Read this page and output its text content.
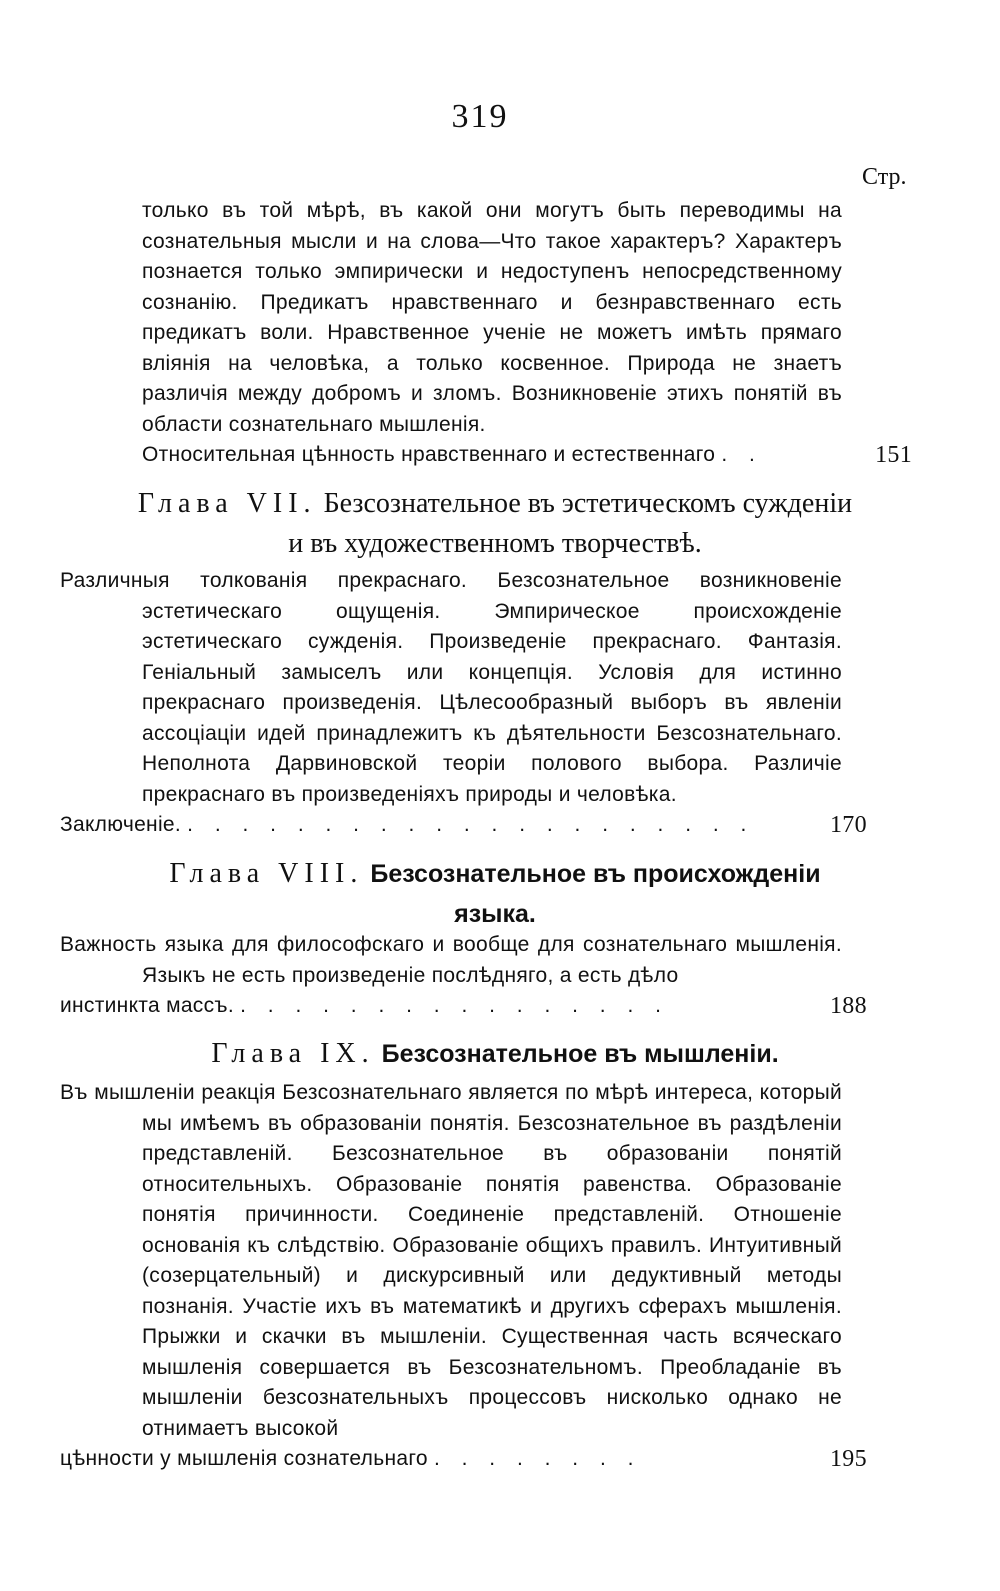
319
Стр.
только въ той мѣрѣ, въ какой они могутъ быть переводимы на сознательныя мысли и на слова—Что такое характеръ? Характеръ познается только эмпирически и недоступенъ непосредственному сознанію. Предикатъ нравственнаго и безнравственнаго есть предикатъ воли. Нравственное ученіе не можетъ имѣть прямаго вліянія на человѣка, а только косвенное. Природа не знаетъ различія между добромъ и зломъ. Возникновеніе этихъ понятій въ области сознательнаго мышленія.
Относительная цѣнность нравственнаго и естественнаго . .	151
Глава VII. Безсознательное въ эстетическомъ сужденіи и въ художественномъ творчествѣ.
Различныя толкованія прекраснаго. Безсознательное возникновеніе эстетическаго ощущенія. Эмпирическое происхожденіе эстетическаго сужденія. Произведеніе прекраснаго. Фантазія. Геніальный замыселъ или концепція. Условія для истинно прекраснаго произведенія. Цѣлесообразный выборъ въ явленіи ассоціаціи идей принадлежитъ къ дѣятельности Безсознательнаго. Неполнота Дарвиновской теоріи полового выбора. Различіе прекраснаго въ произведеніяхъ природы и человѣка.
Заключеніе. . . . . . . . . . . . . . . . . . . . . .	170
Глава VIII. Безсознательное въ происхожденіи языка.
Важность языка для философскаго и вообще для сознательнаго мышленія. Языкъ не есть произведеніе послѣдняго, а есть дѣло
инстинкта массъ. . . . . . . . . . . . . . . . .	188
Глава IX. Безсознательное въ мышленіи.
Въ мышленіи реакція Безсознательнаго является по мѣрѣ интереса, который мы имѣемъ въ образованіи понятія. Безсознательное въ раздѣленіи представленій. Безсознательное въ образованіи понятій относительныхъ. Образованіе понятія равенства. Образованіе понятія причинности. Соединеніе представленій. Отношеніе основанія къ слѣдствію. Образованіе общихъ правилъ. Интуитивный (созерцательный) и дискурсивный или дедуктивный методы познанія. Участіе ихъ въ математикѣ и другихъ сферахъ мышленія. Прыжки и скачки въ мышленіи. Существенная часть всяческаго мышленія совершается въ Безсознательномъ. Преобладаніе въ мышленіи безсознательныхъ процессовъ нисколько однако не отнимаетъ высокой
цѣнности у мышленія сознательнаго . . . . . . . .	195
